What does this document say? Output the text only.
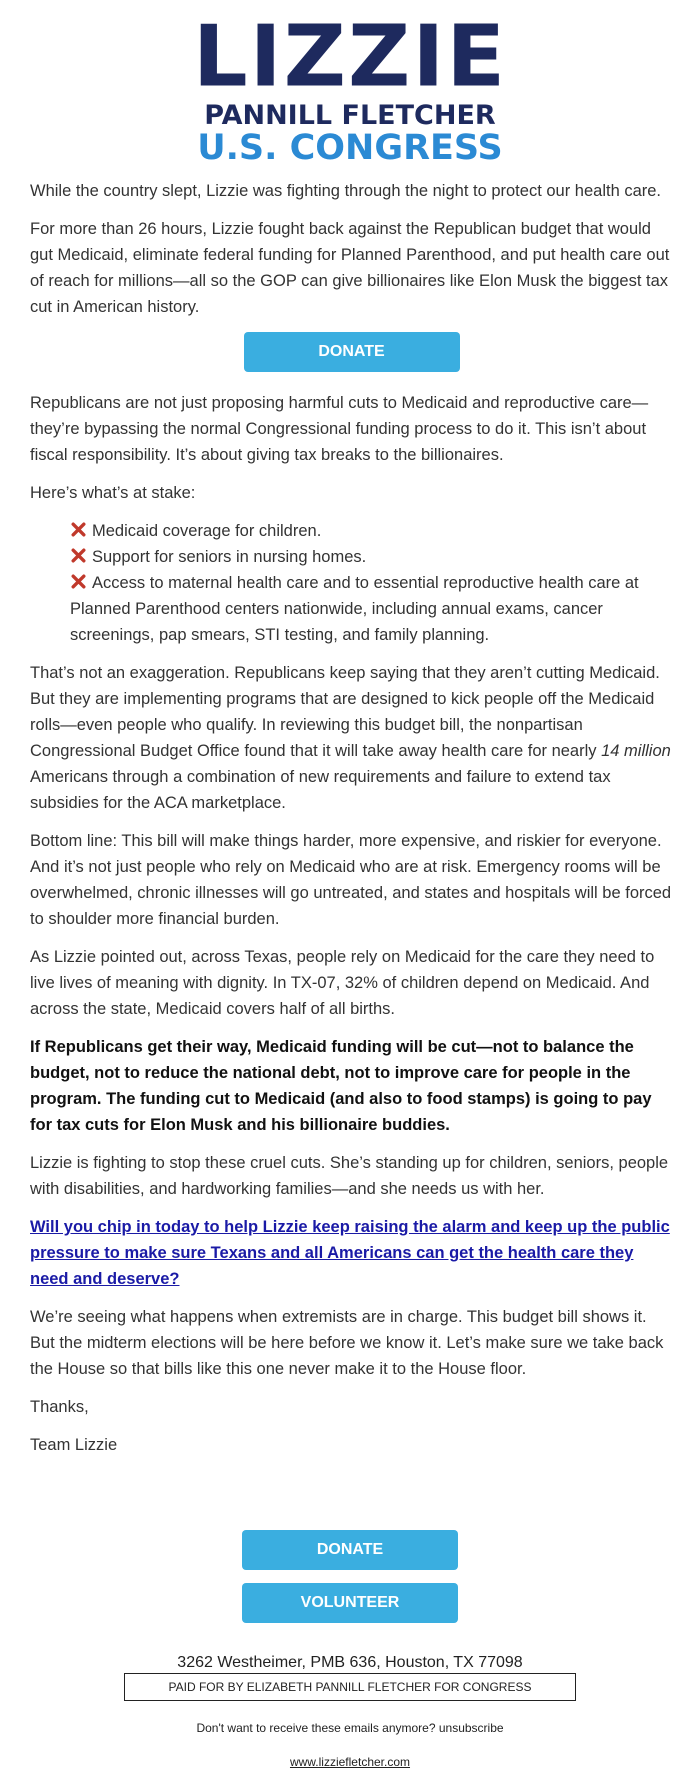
LIZZIE
PANNILL FLETCHER
U.S. CONGRESS

While the country slept, Lizzie was fighting through the night to protect our health care.

For more than 26 hours, Lizzie fought back against the Republican budget that would gut Medicaid, eliminate federal funding for Planned Parenthood, and put health care out of reach for millions—all so the GOP can give billionaires like Elon Musk the biggest tax cut in American history.

DONATE

Republicans are not just proposing harmful cuts to Medicaid and reproductive care—they’re bypassing the normal Congressional funding process to do it. This isn’t about fiscal responsibility. It’s about giving tax breaks to the billionaires.

Here’s what’s at stake:

Medicaid coverage for children.
Support for seniors in nursing homes.
Access to maternal health care and to essential reproductive health care at Planned Parenthood centers nationwide, including annual exams, cancer screenings, pap smears, STI testing, and family planning.

That’s not an exaggeration. Republicans keep saying that they aren’t cutting Medicaid. But they are implementing programs that are designed to kick people off the Medicaid rolls—even people who qualify. In reviewing this budget bill, the nonpartisan Congressional Budget Office found that it will take away health care for nearly 14 million Americans through a combination of new requirements and failure to extend tax subsidies for the ACA marketplace.

Bottom line: This bill will make things harder, more expensive, and riskier for everyone. And it’s not just people who rely on Medicaid who are at risk. Emergency rooms will be overwhelmed, chronic illnesses will go untreated, and states and hospitals will be forced to shoulder more financial burden.

As Lizzie pointed out, across Texas, people rely on Medicaid for the care they need to live lives of meaning with dignity. In TX-07, 32% of children depend on Medicaid. And across the state, Medicaid covers half of all births.

If Republicans get their way, Medicaid funding will be cut—not to balance the budget, not to reduce the national debt, not to improve care for people in the program. The funding cut to Medicaid (and also to food stamps) is going to pay for tax cuts for Elon Musk and his billionaire buddies.

Lizzie is fighting to stop these cruel cuts. She’s standing up for children, seniors, people with disabilities, and hardworking families—and she needs us with her.

Will you chip in today to help Lizzie keep raising the alarm and keep up the public pressure to make sure Texans and all Americans can get the health care they need and deserve?

We’re seeing what happens when extremists are in charge. This budget bill shows it. But the midterm elections will be here before we know it. Let’s make sure we take back the House so that bills like this one never make it to the House floor.

Thanks,

Team Lizzie

DONATE
VOLUNTEER
3262 Westheimer, PMB 636, Houston, TX 77098
PAID FOR BY ELIZABETH PANNILL FLETCHER FOR CONGRESS
Don't want to receive these emails anymore? unsubscribe
www.lizziefletcher.com
